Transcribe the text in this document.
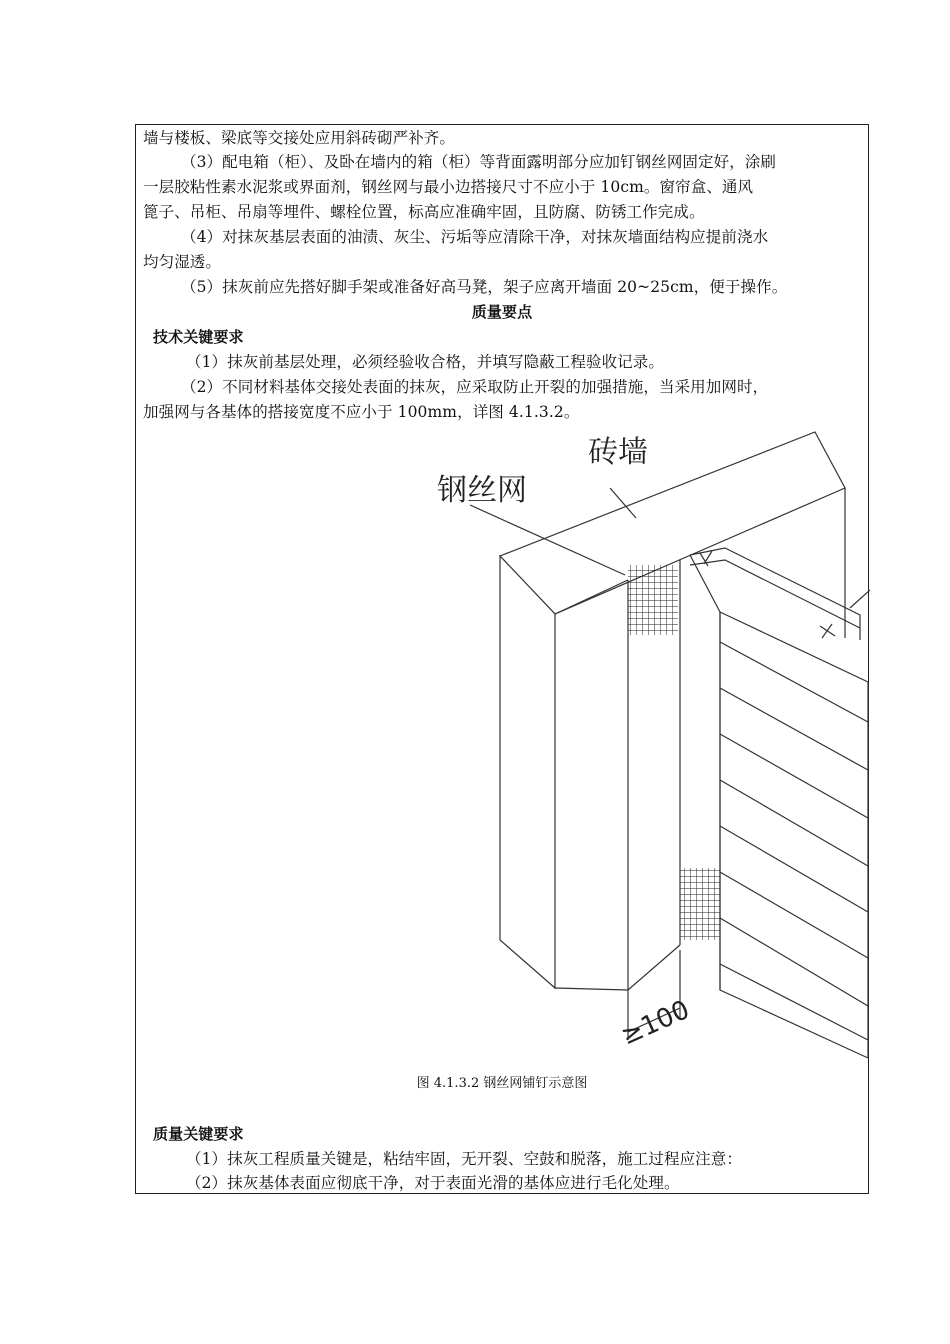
墙与楼板、梁底等交接处应用斜砖砌严补齐。
（3）配电箱（柜）、及卧在墙内的箱（柜）等背面露明部分应加钉钢丝网固定好，涂刷
一层胶粘性素水泥浆或界面剂，钢丝网与最小边搭接尺寸不应小于 10cm。窗帘盒、通风
篦子、吊柜、吊扇等埋件、螺栓位置，标高应准确牢固，且防腐、防锈工作完成。
（4）对抹灰基层表面的油渍、灰尘、污垢等应清除干净，对抹灰墙面结构应提前浇水
均匀湿透。
（5）抹灰前应先搭好脚手架或准备好高马凳，架子应离开墙面 20~25cm，便于操作。
质量要点
技术关键要求
（1）抹灰前基层处理，必须经验收合格，并填写隐蔽工程验收记录。
（2）不同材料基体交接处表面的抹灰，应采取防止开裂的加强措施，当采用加网时，
加强网与各基体的搭接宽度不应小于 100mm，详图 4.1.3.2。
砖墙
钢丝网
≥100
图 4.1.3.2 钢丝网铺钉示意图
质量关键要求
（1）抹灰工程质量关键是，粘结牢固，无开裂、空鼓和脱落，施工过程应注意：
（2）抹灰基体表面应彻底干净，对于表面光滑的基体应进行毛化处理。
